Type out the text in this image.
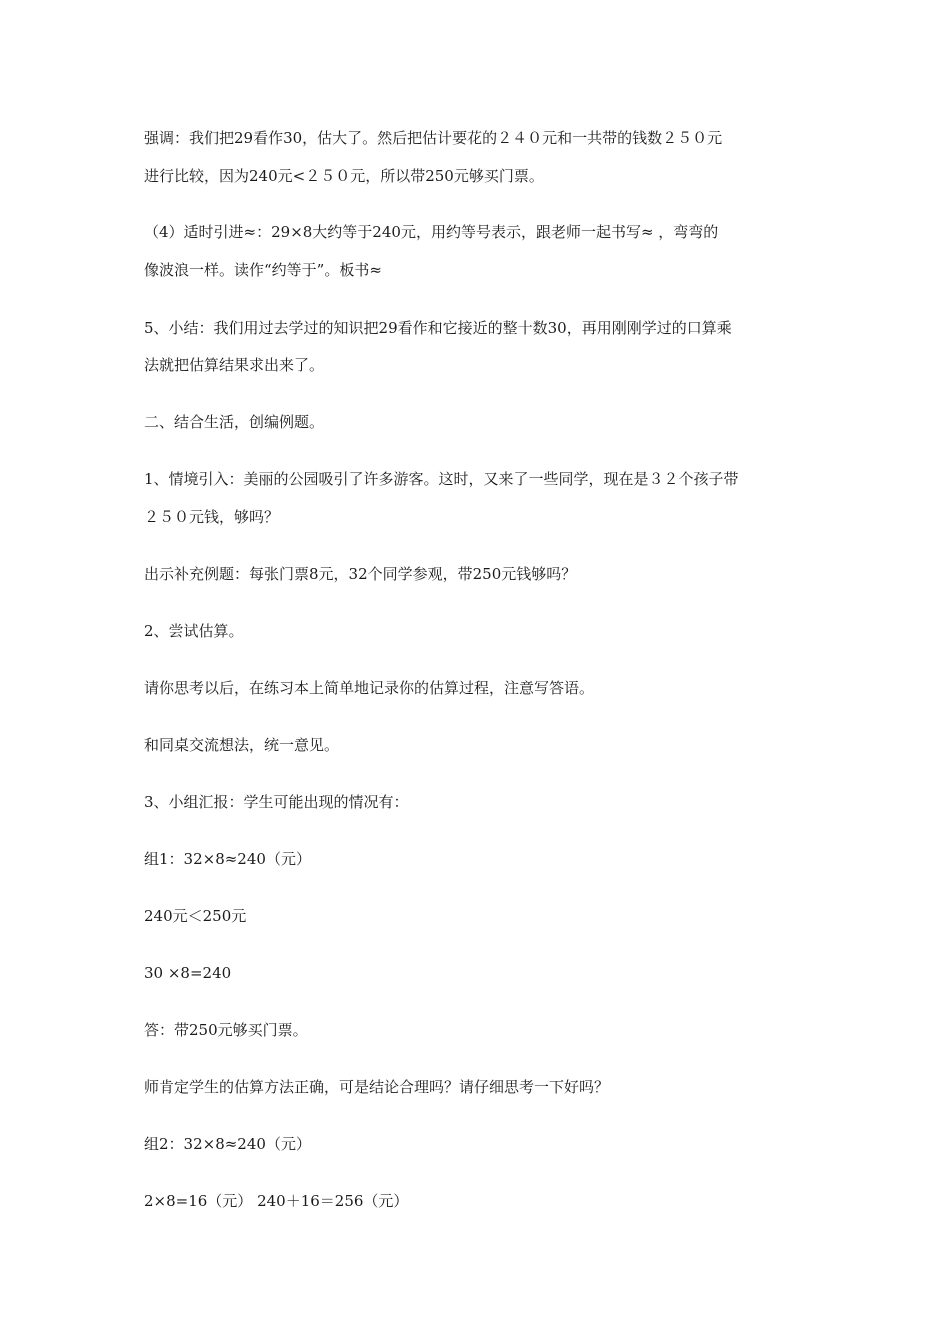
强调：我们把29看作30，估大了。然后把估计要花的２４０元和一共带的钱数２５０元
进行比较，因为240元<２５０元，所以带250元够买门票。
（4）适时引进≈：29×8大约等于240元，用约等号表示，跟老师一起书写≈ ，弯弯的
像波浪一样。读作“约等于”。板书≈
5、小结：我们用过去学过的知识把29看作和它接近的整十数30，再用刚刚学过的口算乘
法就把估算结果求出来了。
二、结合生活，创编例题。
1、情境引入：美丽的公园吸引了许多游客。这时，又来了一些同学，现在是３２个孩子带
２５０元钱，够吗？
出示补充例题：每张门票8元，32个同学参观，带250元钱够吗？
2、尝试估算。
请你思考以后，在练习本上简单地记录你的估算过程，注意写答语。
和同桌交流想法，统一意见。
3、小组汇报：学生可能出现的情况有：
组1：32×8≈240（元）
240元＜250元
30 ×8=240
答：带250元够买门票。
师肯定学生的估算方法正确，可是结论合理吗？请仔细思考一下好吗？
组2：32×8≈240（元）
2×8=16（元） 240＋16＝256（元）
